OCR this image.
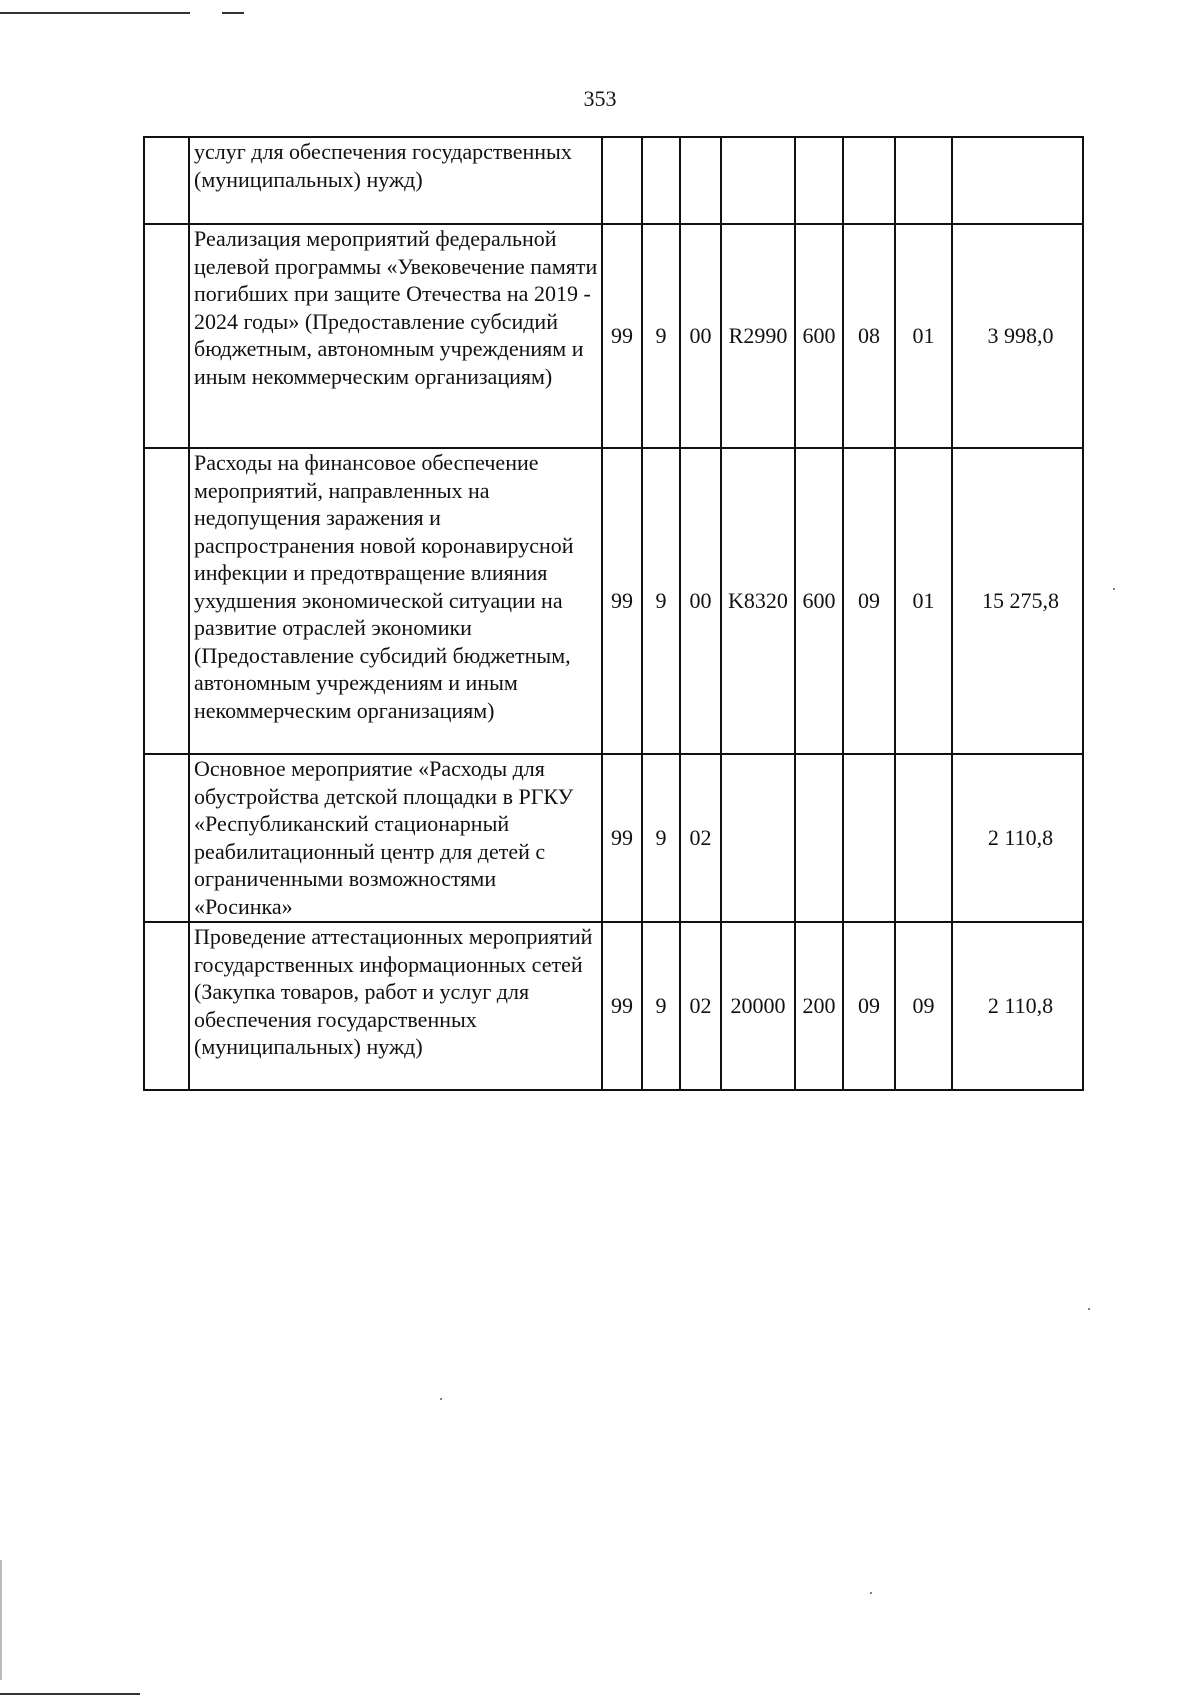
353
	услуг для обеспечения государственных (муниципальных) нужд)								
	Реализация мероприятий федеральной целевой программы «Увековечение памяти погибших при защите Отечества на 2019 - 2024 годы» (Предоставление субсидий бюджетным, автономным учреждениям и иным некоммерческим организациям)	99	9	00	R2990	600	08	01	3 998,0
	Расходы на финансовое обеспечение мероприятий, направленных на недопущения заражения и распространения новой коронавирусной инфекции и предотвращение влияния ухудшения экономической ситуации на развитие отраслей экономики (Предоставление субсидий бюджетным, автономным учреждениям и иным некоммерческим организациям)	99	9	00	K8320	600	09	01	15 275,8
	Основное мероприятие «Расходы для обустройства детской площадки в РГКУ «Республиканский стационарный реабилитационный центр для детей с ограниченными возможностями «Росинка»	99	9	02					2 110,8
	Проведение аттестационных мероприятий государственных информационных сетей (Закупка товаров, работ и услуг для обеспечения государственных (муниципальных) нужд)	99	9	02	20000	200	09	09	2 110,8
